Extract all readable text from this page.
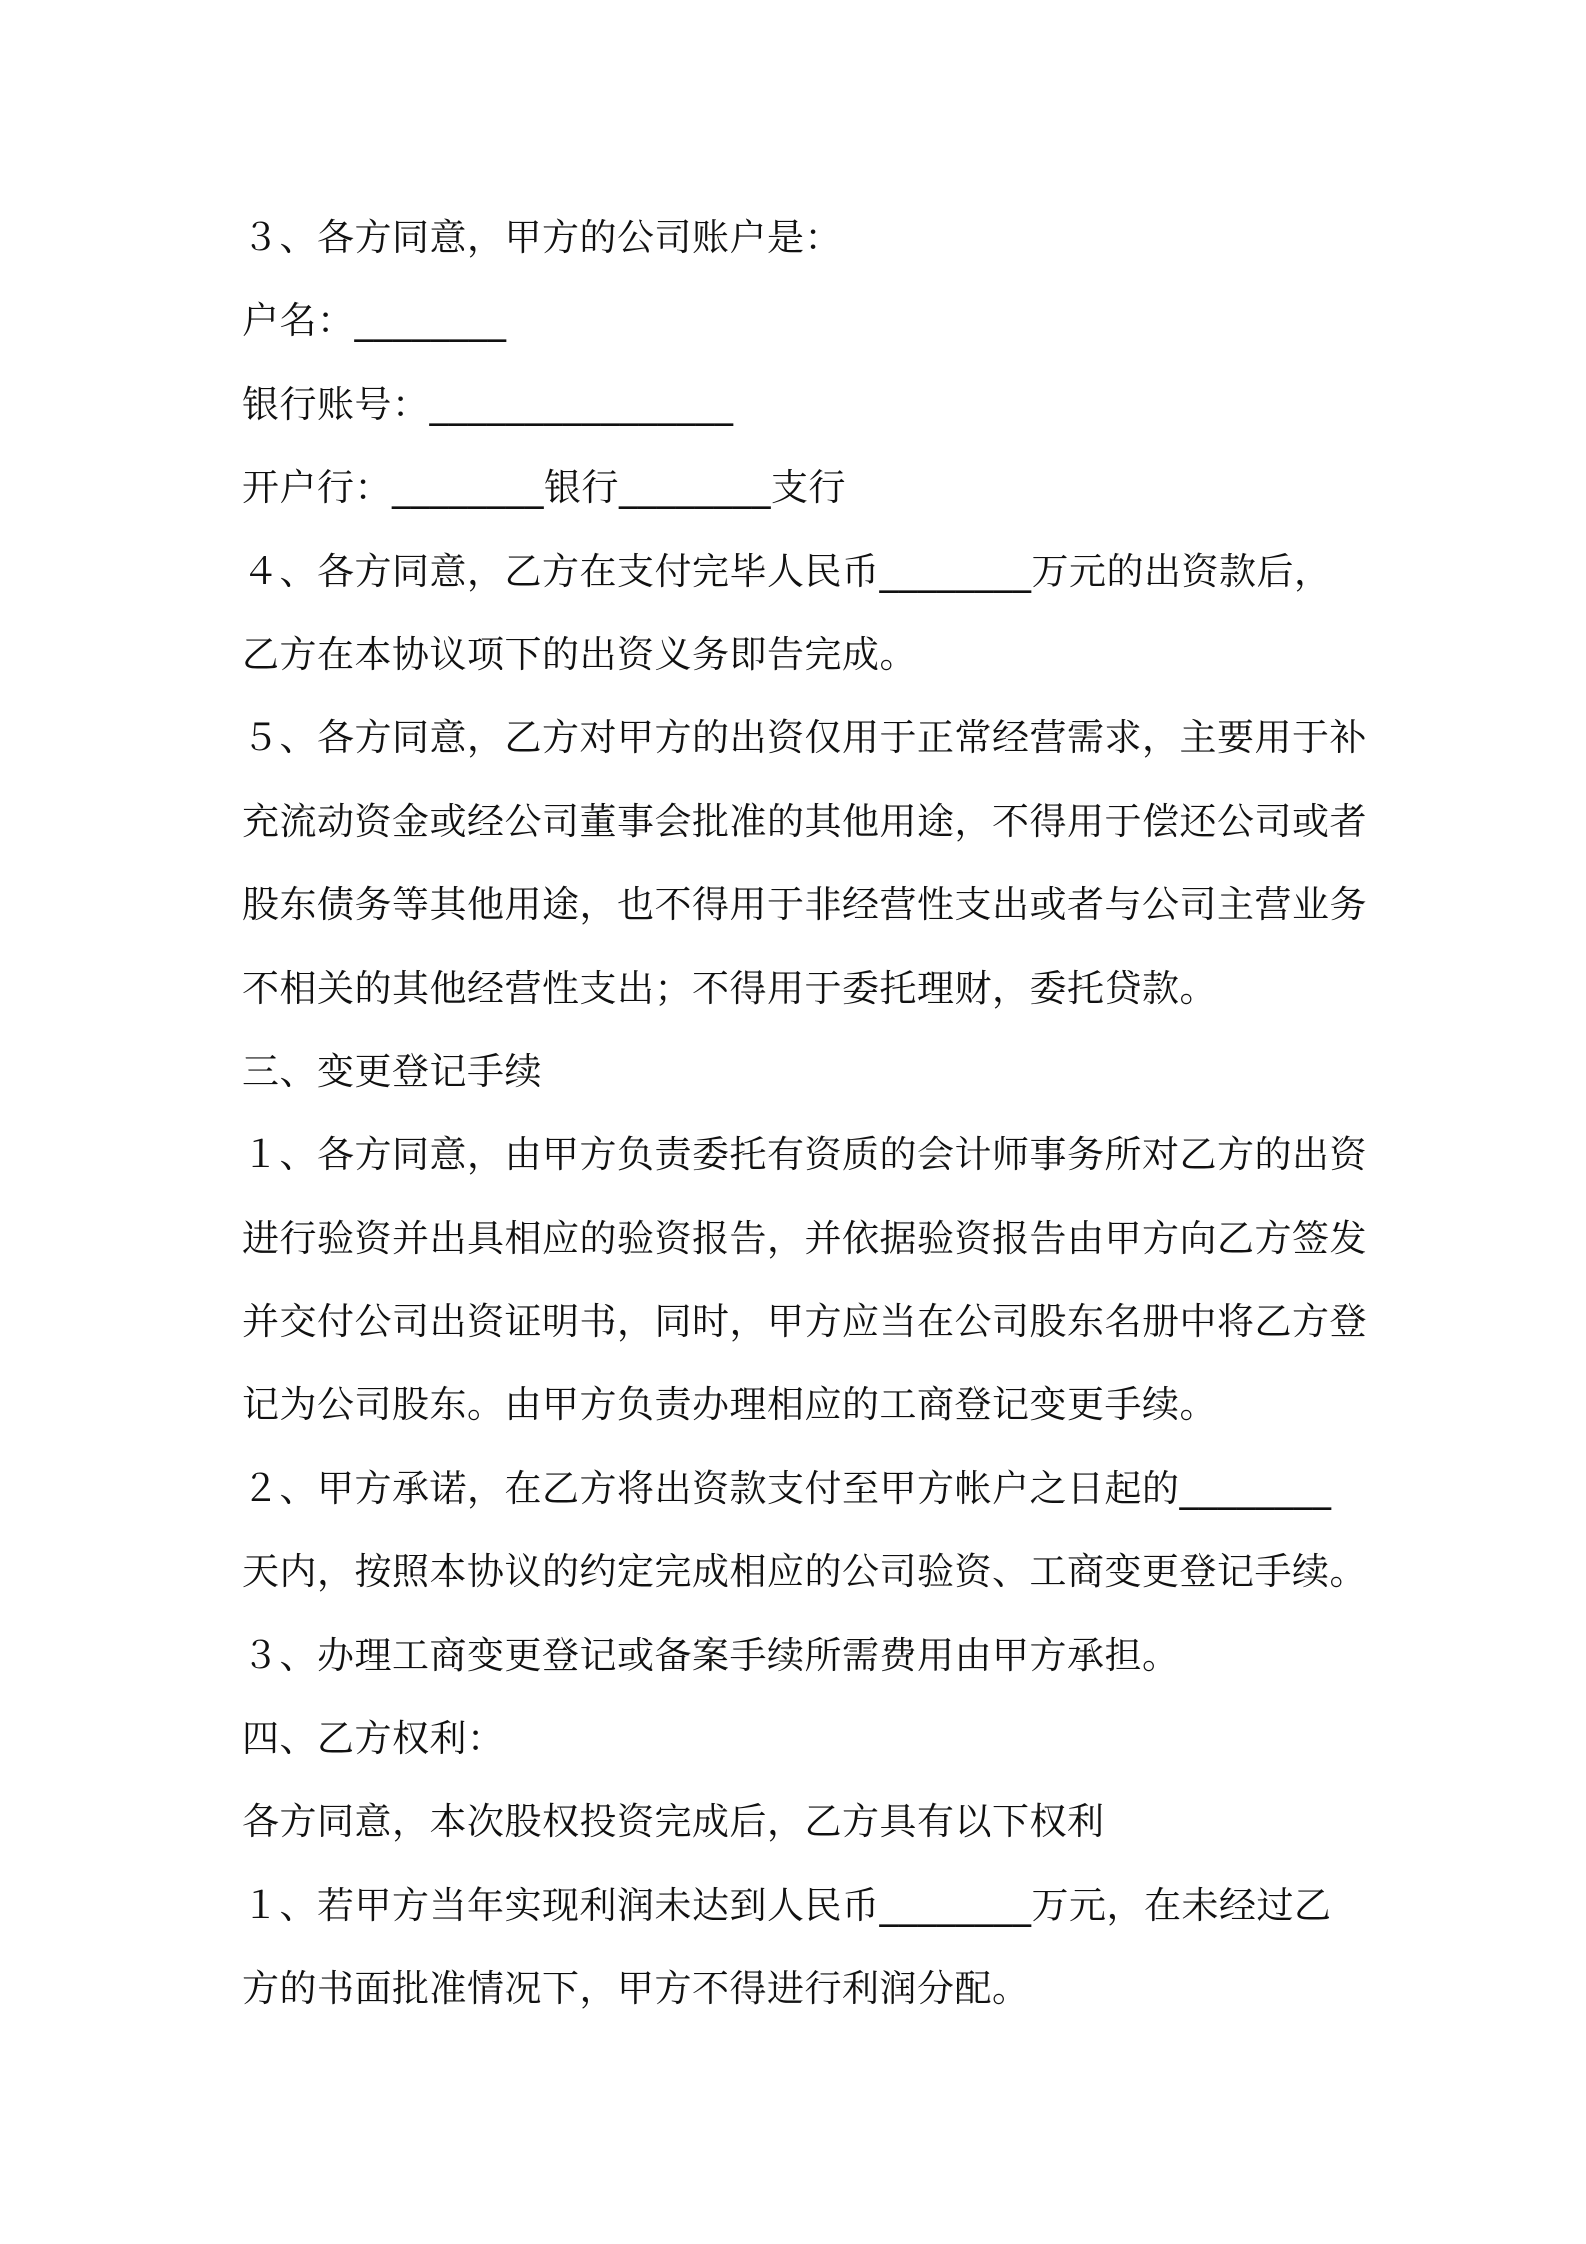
３、各方同意，甲方的公司账户是：
户名：________
银行账号：________________
开户行：________银行________支行
４、各方同意，乙方在支付完毕人民币________万元的出资款后，
乙方在本协议项下的出资义务即告完成。
５、各方同意，乙方对甲方的出资仅用于正常经营需求，主要用于补
充流动资金或经公司董事会批准的其他用途，不得用于偿还公司或者
股东债务等其他用途，也不得用于非经营性支出或者与公司主营业务
不相关的其他经营性支出；不得用于委托理财，委托贷款。
三、变更登记手续
１、各方同意，由甲方负责委托有资质的会计师事务所对乙方的出资
进行验资并出具相应的验资报告，并依据验资报告由甲方向乙方签发
并交付公司出资证明书，同时，甲方应当在公司股东名册中将乙方登
记为公司股东。由甲方负责办理相应的工商登记变更手续。
２、甲方承诺，在乙方将出资款支付至甲方帐户之日起的________
天内，按照本协议的约定完成相应的公司验资、工商变更登记手续。
３、办理工商变更登记或备案手续所需费用由甲方承担。
四、乙方权利：
各方同意，本次股权投资完成后，乙方具有以下权利
１、若甲方当年实现利润未达到人民币________万元，在未经过乙
方的书面批准情况下，甲方不得进行利润分配。
